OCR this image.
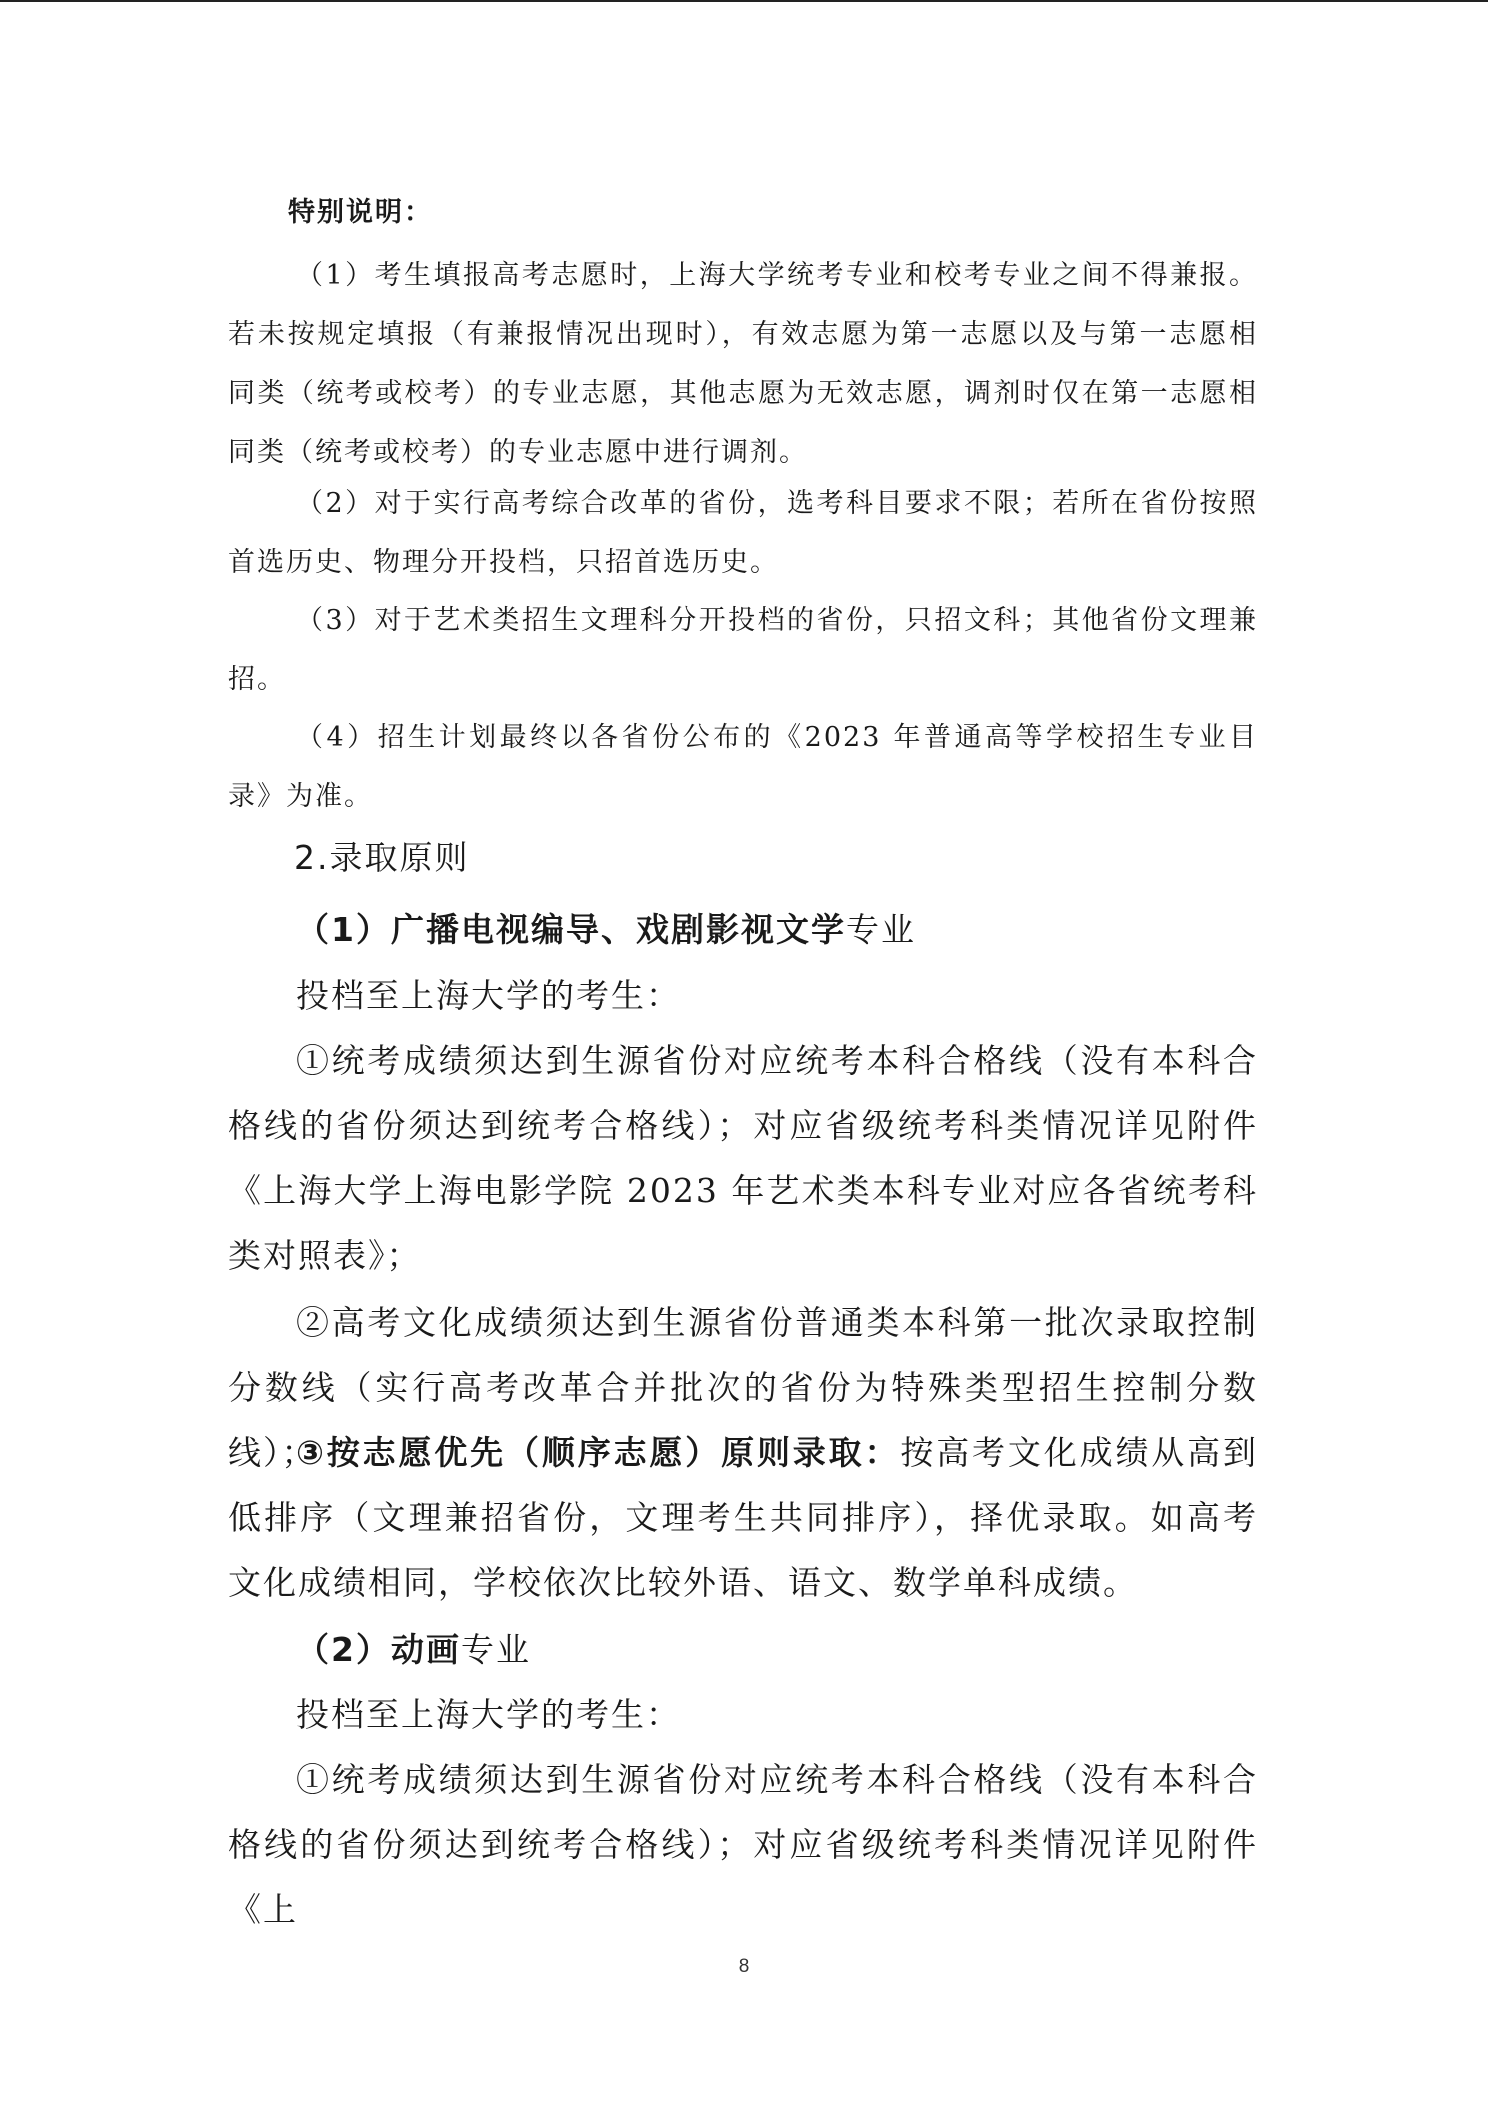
特别说明：

（1）考生填报高考志愿时，上海大学统考专业和校考专业之间不得兼报。若未按规定填报（有兼报情况出现时），有效志愿为第一志愿以及与第一志愿相同类（统考或校考）的专业志愿，其他志愿为无效志愿，调剂时仅在第一志愿相同类（统考或校考）的专业志愿中进行调剂。

（2）对于实行高考综合改革的省份，选考科目要求不限；若所在省份按照首选历史、物理分开投档，只招首选历史。

（3）对于艺术类招生文理科分开投档的省份，只招文科；其他省份文理兼招。

（4）招生计划最终以各省份公布的《2023 年普通高等学校招生专业目录》为准。

2.录取原则

（1）广播电视编导、戏剧影视文学专业

投档至上海大学的考生：

①统考成绩须达到生源省份对应统考本科合格线（没有本科合格线的省份须达到统考合格线）；对应省级统考科类情况详见附件《上海大学上海电影学院 2023 年艺术类本科专业对应各省统考科类对照表》；

②高考文化成绩须达到生源省份普通类本科第一批次录取控制分数线（实行高考改革合并批次的省份为特殊类型招生控制分数线）；

③按志愿优先（顺序志愿）原则录取：按高考文化成绩从高到低排序（文理兼招省份，文理考生共同排序），择优录取。如高考文化成绩相同，学校依次比较外语、语文、数学单科成绩。

（2）动画专业

投档至上海大学的考生：

①统考成绩须达到生源省份对应统考本科合格线（没有本科合格线的省份须达到统考合格线）；对应省级统考科类情况详见附件《上

8
